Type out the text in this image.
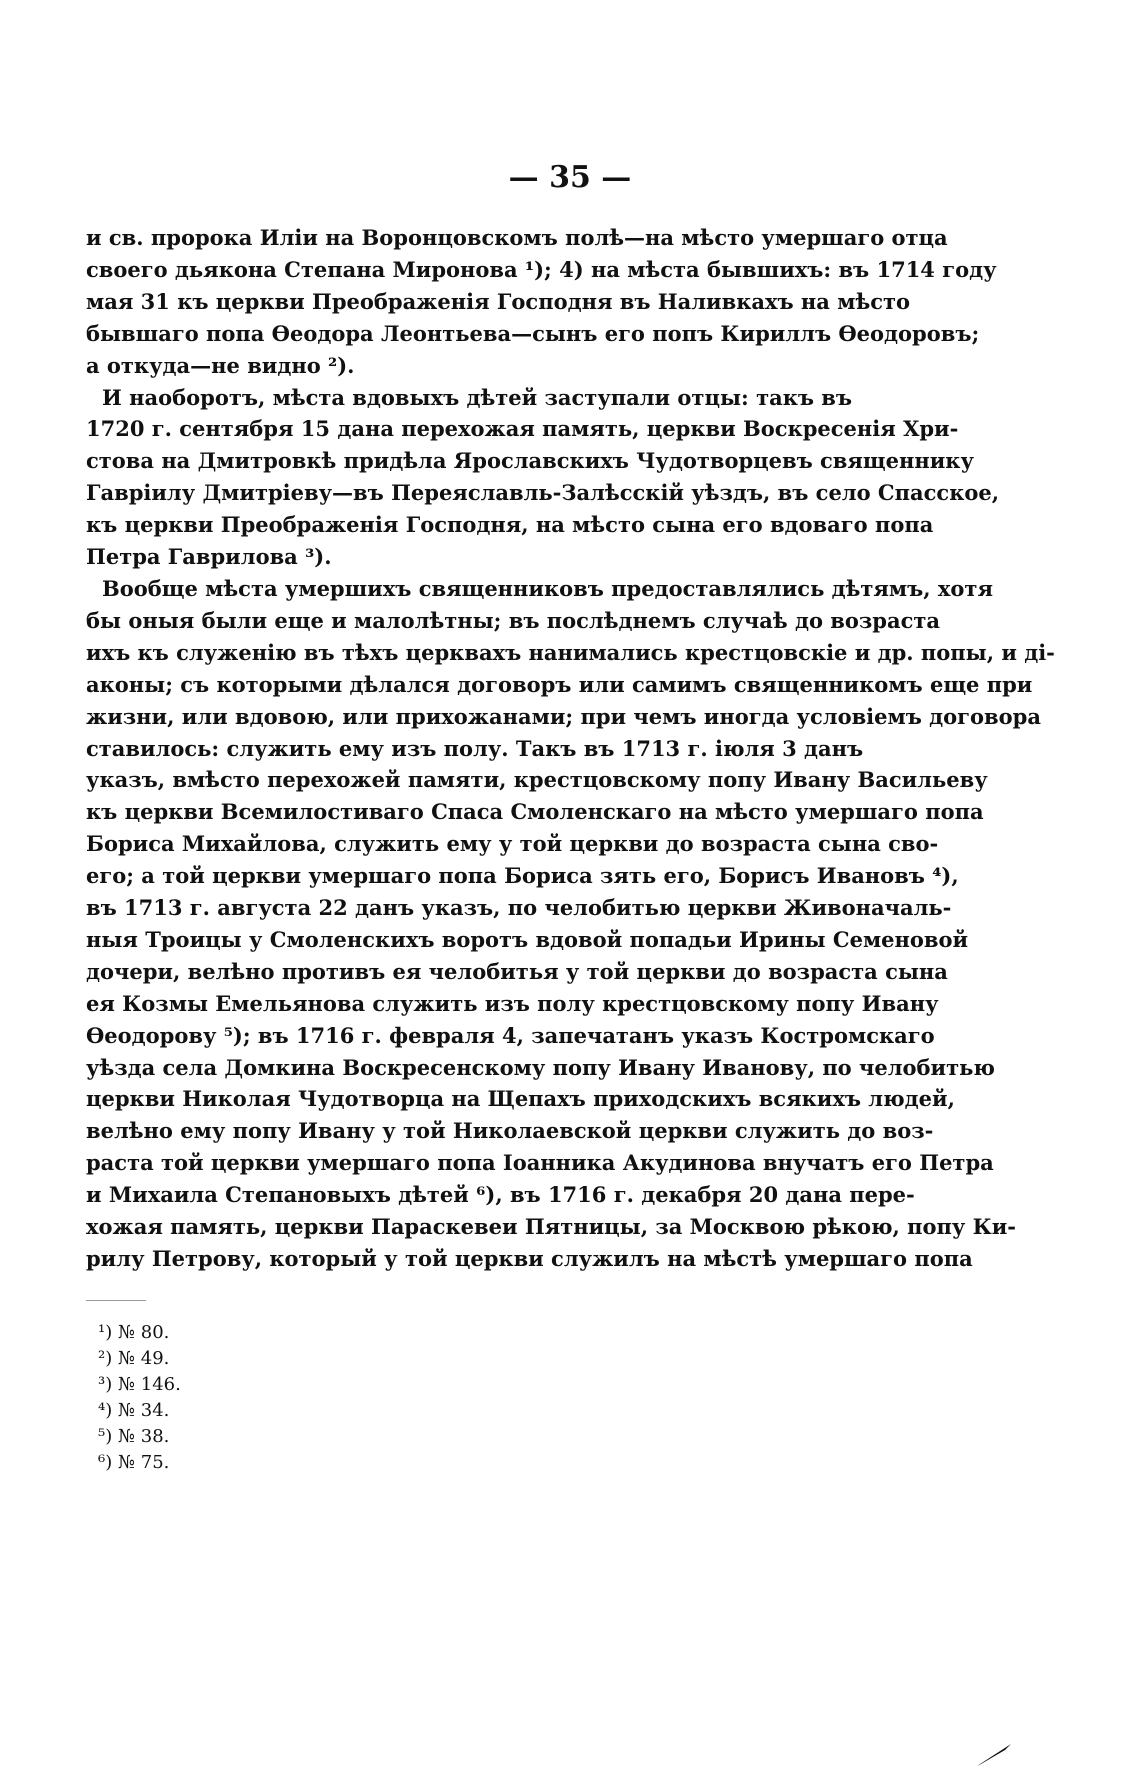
— 35 —
и св. пророка Иліи на Воронцовскомъ полѣ—на мѣсто умершаго отца
своего дьякона Степана Миронова ¹); 4) на мѣста бывшихъ: въ 1714 году
мая 31 къ церкви Преображенія Господня въ Наливкахъ на мѣсто
бывшаго попа Ѳеодора Леонтьева—сынъ его попъ Кириллъ Ѳеодоровъ;
а откуда—не видно ²).
И наоборотъ, мѣста вдовыхъ дѣтей заступали отцы: такъ въ
1720 г. сентября 15 дана перехожая память, церкви Воскресенія Хри-
стова на Дмитровкѣ придѣла Ярославскихъ Чудотворцевъ священнику
Гавріилу Дмитріеву—въ Переяславль-Залѣсскій уѣздъ, въ село Спасское,
къ церкви Преображенія Господня, на мѣсто сына его вдоваго попа
Петра Гаврилова ³).
Вообще мѣста умершихъ священниковъ предоставлялись дѣтямъ, хотя
бы оныя были еще и малолѣтны; въ послѣднемъ случаѣ до возраста
ихъ къ служенію въ тѣхъ церквахъ нанимались крестцовскіе и др. попы, и ді-
аконы; съ которыми дѣлался договоръ или самимъ священникомъ еще при
жизни, или вдовою, или прихожанами; при чемъ иногда условіемъ договора
ставилось: служить ему изъ полу. Такъ въ 1713 г. іюля 3 данъ
указъ, вмѣсто перехожей памяти, крестцовскому попу Ивану Васильеву
къ церкви Всемилостиваго Спаса Смоленскаго на мѣсто умершаго попа
Бориса Михайлова, служить ему у той церкви до возраста сына сво-
его; а той церкви умершаго попа Бориса зять его, Борисъ Ивановъ ⁴),
въ 1713 г. августа 22 данъ указъ, по челобитью церкви Живоначаль-
ныя Троицы у Смоленскихъ воротъ вдовой попадьи Ирины Семеновой
дочери, велѣно противъ ея челобитья у той церкви до возраста сына
ея Козмы Емельянова служить изъ полу крестцовскому попу Ивану
Ѳеодорову ⁵); въ 1716 г. февраля 4, запечатанъ указъ Костромскаго
уѣзда села Домкина Воскресенскому попу Ивану Иванову, по челобитью
церкви Николая Чудотворца на Щепахъ приходскихъ всякихъ людей,
велѣно ему попу Ивану у той Николаевской церкви служить до воз-
раста той церкви умершаго попа Іоанника Акудинова внучатъ его Петра
и Михаила Степановыхъ дѣтей ⁶), въ 1716 г. декабря 20 дана пере-
хожая память, церкви Параскевеи Пятницы, за Москвою рѣкою, попу Ки-
рилу Петрову, который у той церкви служилъ на мѣстѣ умершаго попа
¹) № 80.
²) № 49.
³) № 146.
⁴) № 34.
⁵) № 38.
⁶) № 75.
